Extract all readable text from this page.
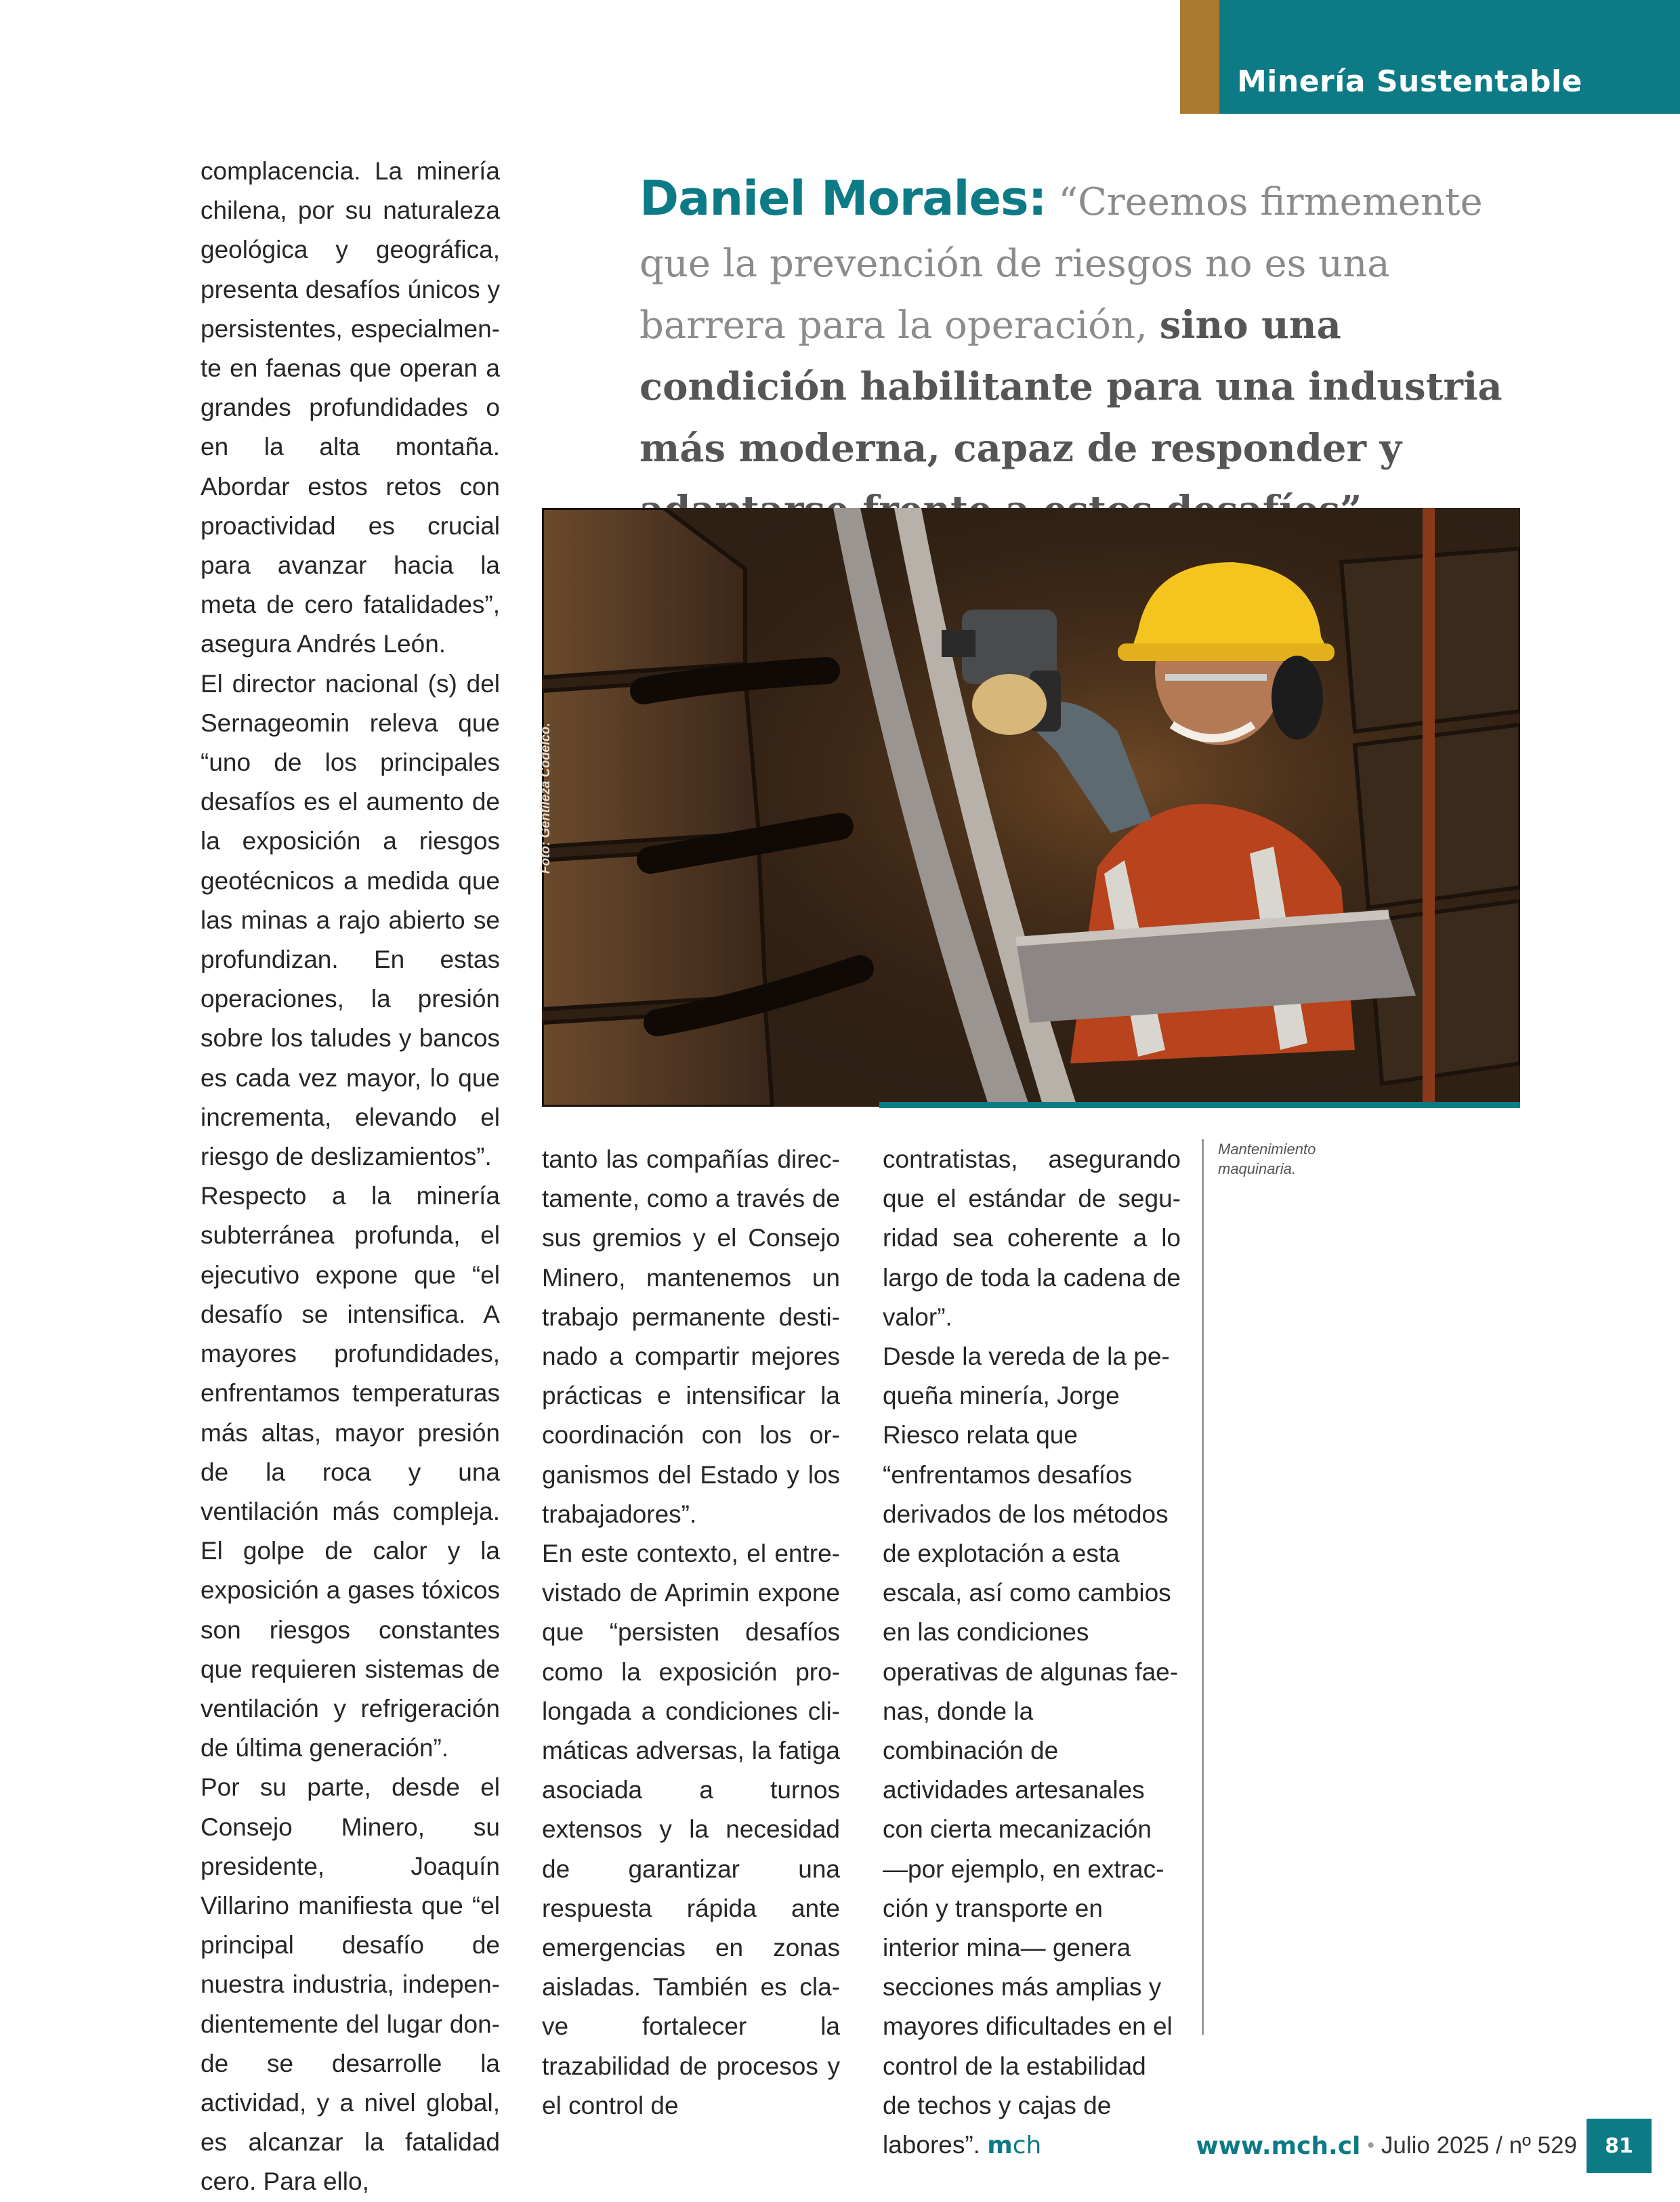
Minería Sustentable

complacencia. La minería chilena, por su naturaleza geológica y geográfica, presenta desafíos únicos y persistentes, especialmente en faenas que operan a grandes profundidades o en la alta montaña. Abordar estos retos con proactividad es crucial para avanzar hacia la meta de cero fatalidades”, asegura Andrés León.

El director nacional (s) del Sernageomin releva que “uno de los principales desafíos es el aumento de la exposición a riesgos geotécnicos a medida que las minas a rajo abierto se profundizan. En estas operaciones, la presión sobre los taludes y bancos es cada vez mayor, lo que incrementa, elevando el riesgo de deslizamientos”.

Respecto a la minería subterránea profunda, el ejecutivo expone que “el desafío se intensifica. A mayores profundidades, enfrentamos temperaturas más altas, mayor presión de la roca y una ventilación más compleja. El golpe de calor y la exposición a gases tóxicos son riesgos constantes que requieren sistemas de ventilación y refrigeración de última generación”.

Por su parte, desde el Consejo Minero, su presidente, Joaquín Villarino manifiesta que “el principal desafío de nuestra industria, independientemente del lugar donde se desarrolle la actividad, y a nivel global, es alcanzar la fatalidad cero. Para ello,

Daniel Morales: “Creemos firmemente que la prevención de riesgos no es una barrera para la operación, sino una condición habilitante para una industria más moderna, capaz de responder y
Foto: Gentileza Codelco.

tanto las compañías directamente, como a través de sus gremios y el Consejo Minero, mantenemos un trabajo permanente destinado a compartir mejores prácticas e intensificar la coordinación con los organismos del Estado y los trabajadores”.

En este contexto, el entrevistado de Aprimin expone que “persisten desafíos como la exposición prolongada a condiciones climáticas adversas, la fatiga asociada a turnos extensos y la necesidad de garantizar una respuesta rápida ante emergencias en zonas aisladas. También es clave fortalecer la trazabilidad de procesos y el control de

contratistas, asegurando que el estándar de seguridad sea coherente a lo largo de toda la cadena de valor”.

Desde la vereda de la pequeña minería, Jorge Riesco relata que “enfrentamos desafíos derivados de los métodos de explotación a esta escala, así como cambios en las condiciones operativas de algunas faenas, donde la combinación de actividades artesanales con cierta mecanización —por ejemplo, en extracción y transporte en interior mina— genera secciones más amplias y mayores dificultades en el control de la estabilidad de techos y cajas de labores”. mch

Mantenimiento maquinaria.
www.mch.cl • Julio 2025 / nº 529	81
